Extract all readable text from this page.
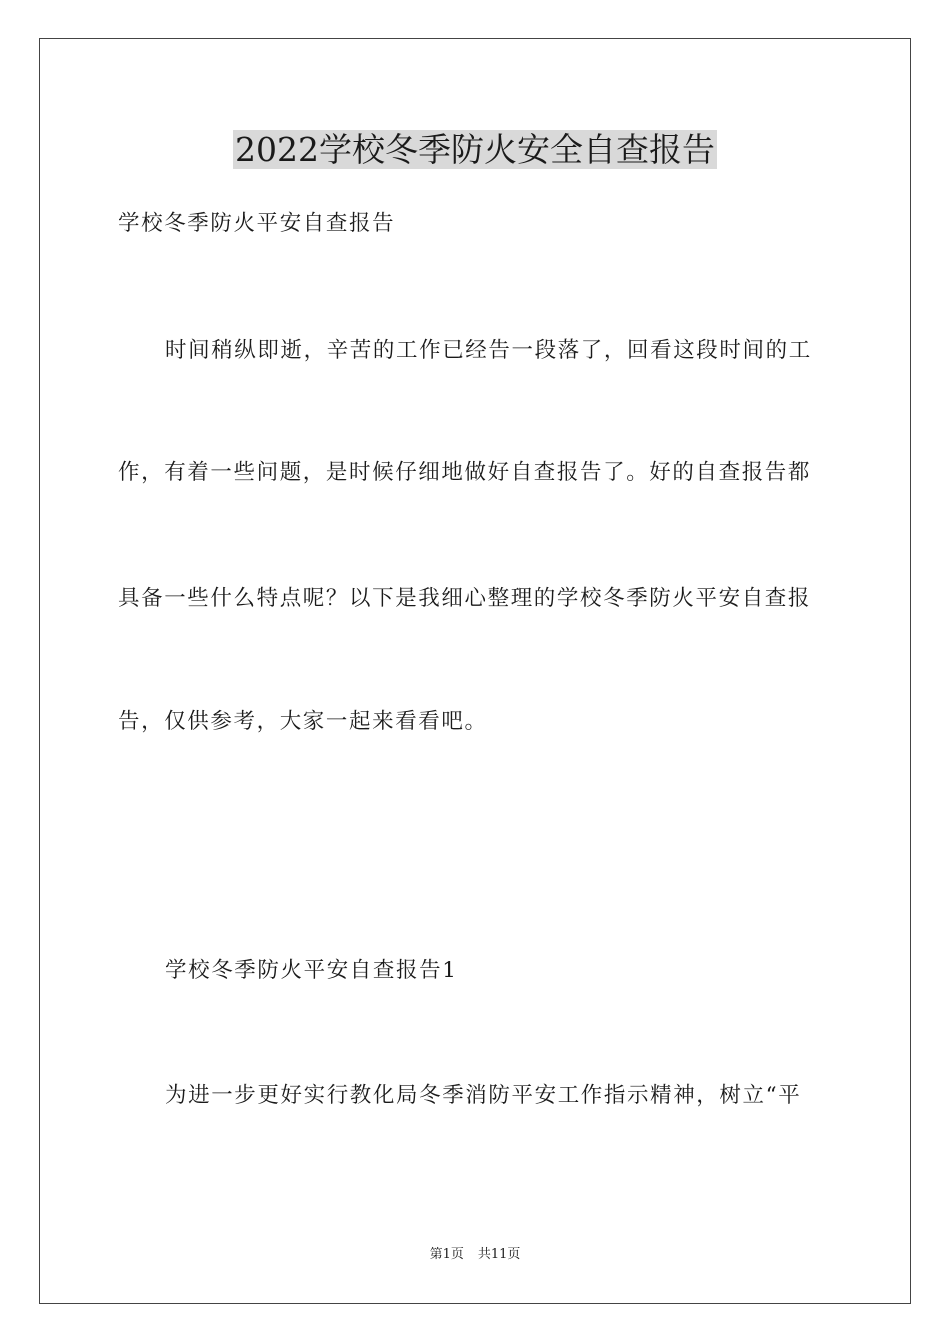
2022学校冬季防火安全自查报告

学校冬季防火平安自查报告

时间稍纵即逝，辛苦的工作已经告一段落了，回看这段时间的工

作，有着一些问题，是时候仔细地做好自查报告了。好的自查报告都

具备一些什么特点呢？以下是我细心整理的学校冬季防火平安自查报

告，仅供参考，大家一起来看看吧。

学校冬季防火平安自查报告1

为进一步更好实行教化局冬季消防平安工作指示精神，树立“平

第1页 共11页
